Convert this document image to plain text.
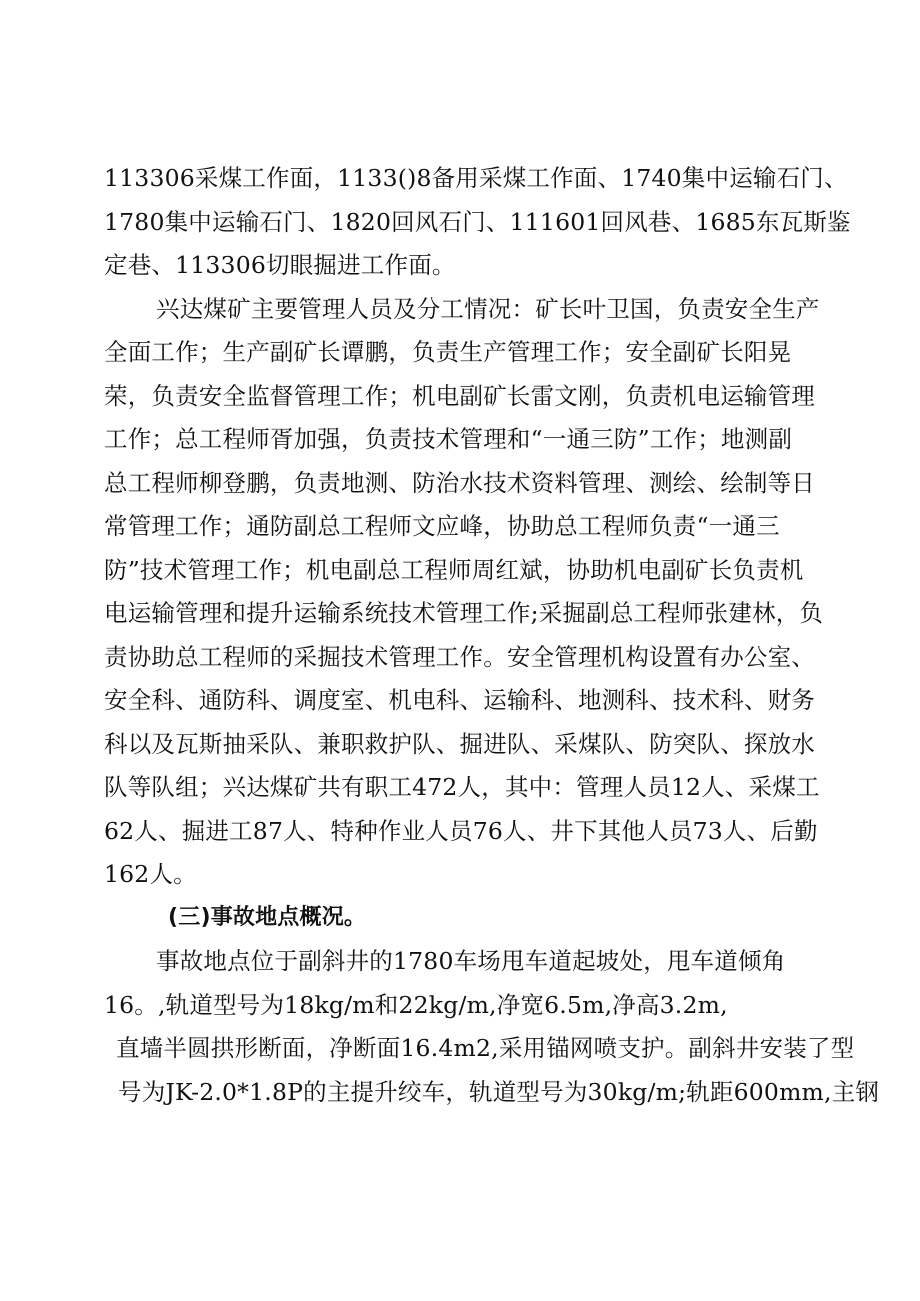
113306采煤工作面，1133()8备用采煤工作面、1740集中运输石门、
1780集中运输石门、1820回风石门、111601回风巷、1685东瓦斯鉴
定巷、113306切眼掘进工作面。
兴达煤矿主要管理人员及分工情况：矿长叶卫国，负责安全生产
全面工作；生产副矿长谭鹏，负责生产管理工作；安全副矿长阳晃
荣，负责安全监督管理工作；机电副矿长雷文刚，负责机电运输管理
工作；总工程师胥加强，负责技术管理和“一通三防”工作；地测副
总工程师柳登鹏，负责地测、防治水技术资料管理、测绘、绘制等日
常管理工作；通防副总工程师文应峰，协助总工程师负责“一通三
防”技术管理工作；机电副总工程师周红斌，协助机电副矿长负责机
电运输管理和提升运输系统技术管理工作;采掘副总工程师张建林，负
责协助总工程师的采掘技术管理工作。安全管理机构设置有办公室、
安全科、通防科、调度室、机电科、运输科、地测科、技术科、财务
科以及瓦斯抽采队、兼职救护队、掘进队、采煤队、防突队、探放水
队等队组；兴达煤矿共有职工472人，其中：管理人员12人、采煤工
62人、掘进工87人、特种作业人员76人、井下其他人员73人、后勤
162人。
(三)事故地点概况。
事故地点位于副斜井的1780车场甩车道起坡处，甩车道倾角
16。,轨道型号为18kg∕m和22kg∕m,净宽6.5m,净高3.2m,
直墙半圆拱形断面，净断面16.4m2,采用锚网喷支护。副斜井安装了型
号为JK-2.0*1.8P的主提升绞车，轨道型号为30kg∕m;轨距600mm,主钢
